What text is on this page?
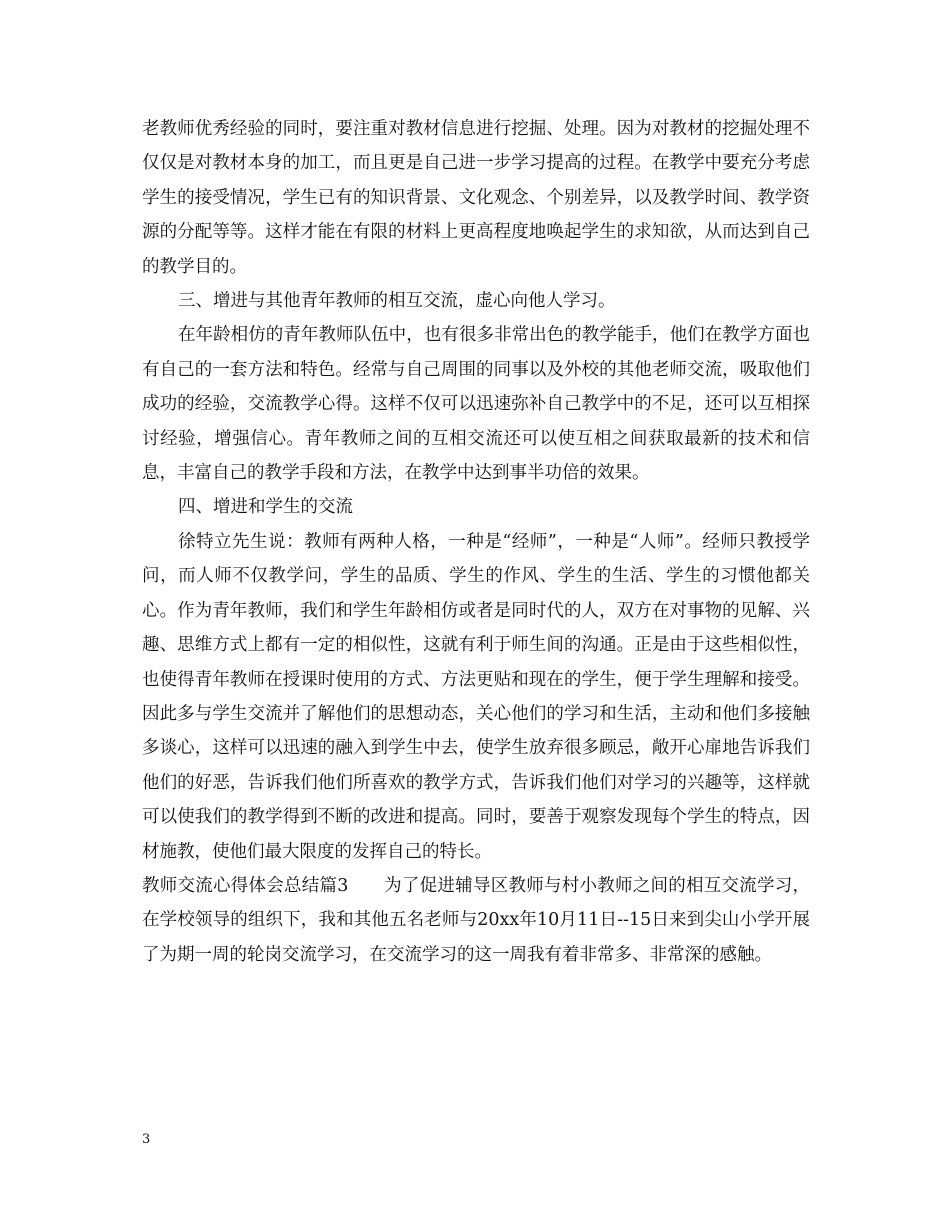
老教师优秀经验的同时，要注重对教材信息进行挖掘、处理。因为对教材的挖掘处理不仅仅是对教材本身的加工，而且更是自己进一步学习提高的过程。在教学中要充分考虑学生的接受情况，学生已有的知识背景、文化观念、个别差异，以及教学时间、教学资源的分配等等。这样才能在有限的材料上更高程度地唤起学生的求知欲，从而达到自己的教学目的。

三、增进与其他青年教师的相互交流，虚心向他人学习。

在年龄相仿的青年教师队伍中，也有很多非常出色的教学能手，他们在教学方面也有自己的一套方法和特色。经常与自己周围的同事以及外校的其他老师交流，吸取他们成功的经验，交流教学心得。这样不仅可以迅速弥补自己教学中的不足，还可以互相探讨经验，增强信心。青年教师之间的互相交流还可以使互相之间获取最新的技术和信息，丰富自己的教学手段和方法，在教学中达到事半功倍的效果。

四、增进和学生的交流

徐特立先生说：教师有两种人格，一种是“经师”，一种是“人师”。经师只教授学问，而人师不仅教学问，学生的品质、学生的作风、学生的生活、学生的习惯他都关心。作为青年教师，我们和学生年龄相仿或者是同时代的人，双方在对事物的见解、兴趣、思维方式上都有一定的相似性，这就有利于师生间的沟通。正是由于这些相似性，也使得青年教师在授课时使用的方式、方法更贴和现在的学生，便于学生理解和接受。因此多与学生交流并了解他们的思想动态，关心他们的学习和生活，主动和他们多接触多谈心，这样可以迅速的融入到学生中去，使学生放弃很多顾忌，敞开心扉地告诉我们他们的好恶，告诉我们他们所喜欢的教学方式，告诉我们他们对学习的兴趣等，这样就可以使我们的教学得到不断的改进和提高。同时，要善于观察发现每个学生的特点，因材施教，使他们最大限度的发挥自己的特长。

教师交流心得体会总结篇3　　为了促进辅导区教师与村小教师之间的相互交流学习，在学校领导的组织下，我和其他五名老师与20xx年10月11日--15日来到尖山小学开展了为期一周的轮岗交流学习，在交流学习的这一周我有着非常多、非常深的感触。

3
